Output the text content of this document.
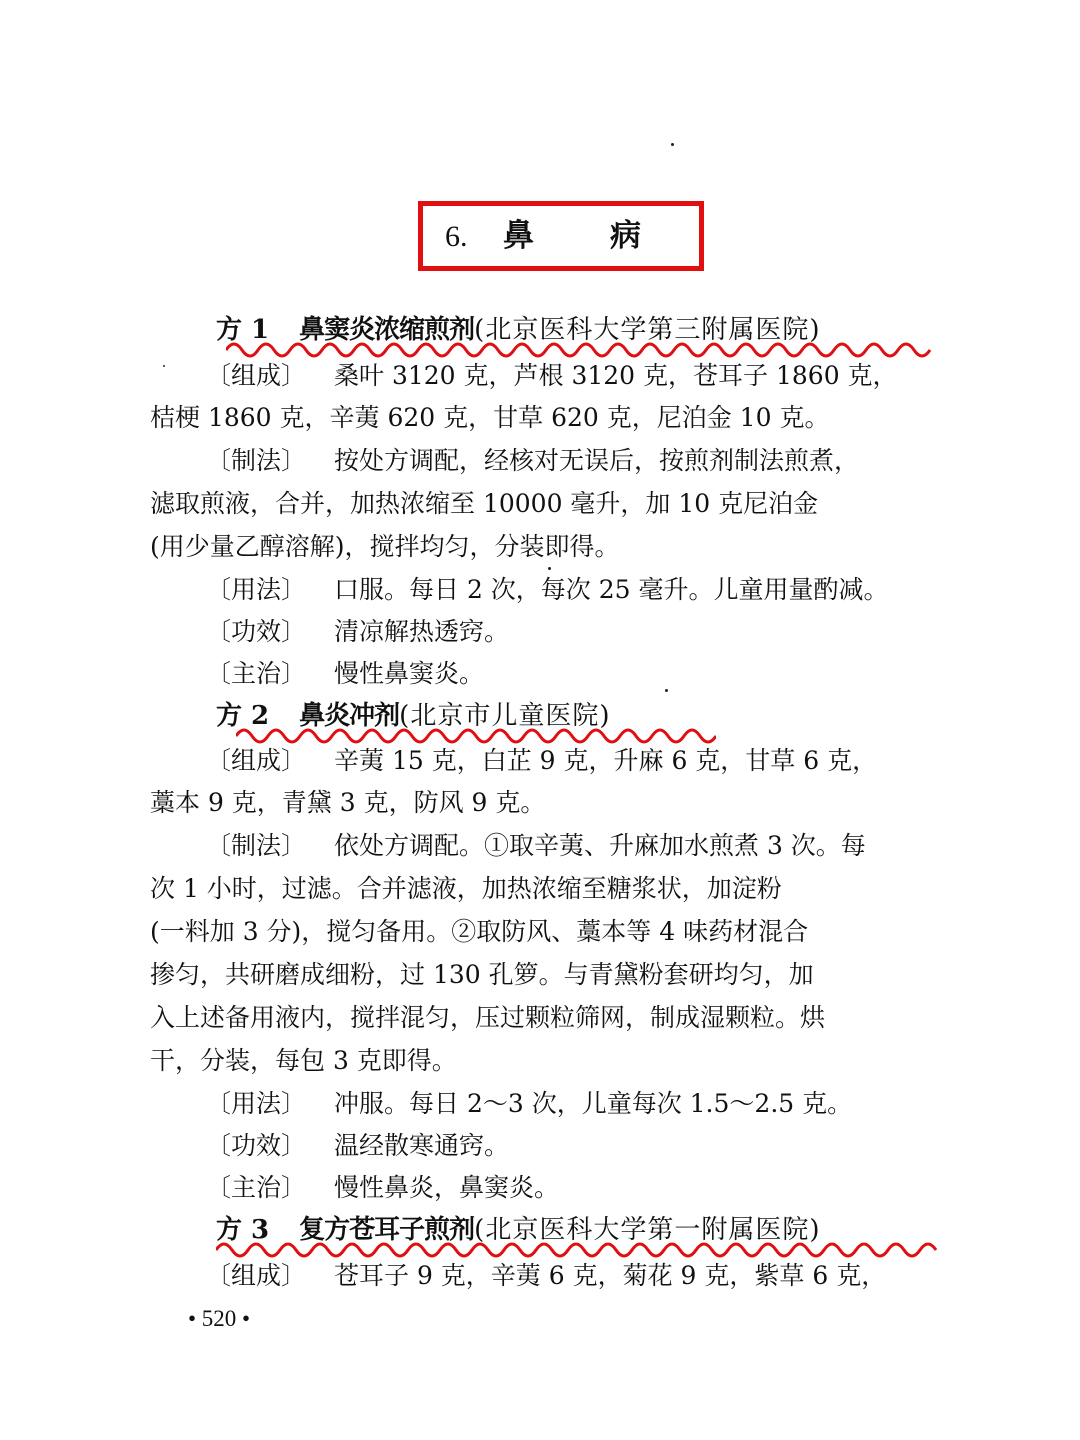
6. 鼻病
方 1 鼻窦炎浓缩煎剂(北京医科大学第三附属医院)
〔组成〕 桑叶 3120 克，芦根 3120 克，苍耳子 1860 克，
桔梗 1860 克，辛荑 620 克，甘草 620 克，尼泊金 10 克。
〔制法〕 按处方调配，经核对无误后，按煎剂制法煎煮，
滤取煎液，合并，加热浓缩至 10000 毫升，加 10 克尼泊金
(用少量乙醇溶解)，搅拌均匀，分装即得。
〔用法〕 口服。每日 2 次，每次 25 毫升。儿童用量酌减。
〔功效〕 清凉解热透窍。
〔主治〕 慢性鼻窦炎。
方 2 鼻炎冲剂(北京市儿童医院)
〔组成〕 辛荑 15 克，白芷 9 克，升麻 6 克，甘草 6 克，
藁本 9 克，青黛 3 克，防风 9 克。
〔制法〕 依处方调配。①取辛荑、升麻加水煎煮 3 次。每
次 1 小时，过滤。合并滤液，加热浓缩至糖浆状，加淀粉
(一料加 3 分)，搅匀备用。②取防风、藁本等 4 味药材混合
掺匀，共研磨成细粉，过 130 孔箩。与青黛粉套研均匀，加
入上述备用液内，搅拌混匀，压过颗粒筛网，制成湿颗粒。烘
干，分装，每包 3 克即得。
〔用法〕 冲服。每日 2～3 次，儿童每次 1.5～2.5 克。
〔功效〕 温经散寒通窍。
〔主治〕 慢性鼻炎，鼻窦炎。
方 3 复方苍耳子煎剂(北京医科大学第一附属医院)
〔组成〕 苍耳子 9 克，辛荑 6 克，菊花 9 克，紫草 6 克，
• 520 •
